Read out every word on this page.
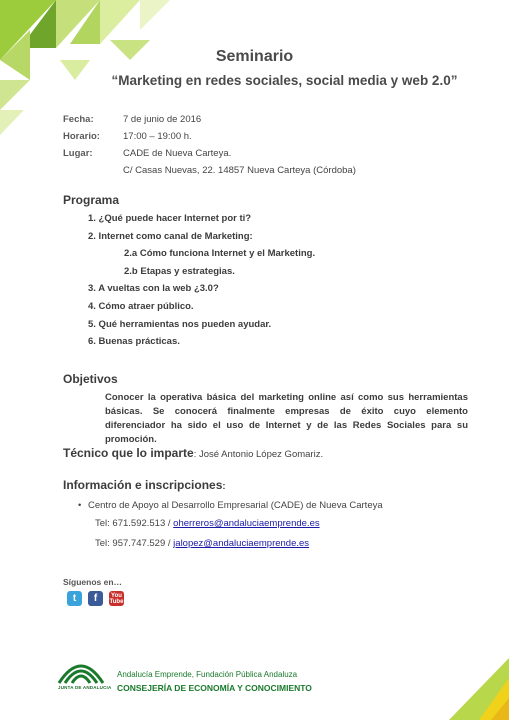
Seminario
“Marketing en redes sociales, social media y web 2.0”
Fecha:	7 de junio de 2016
Horario: 17:00 – 19:00 h.
Lugar:	CADE de Nueva Carteya.
C/ Casas Nuevas, 22. 14857 Nueva Carteya (Córdoba)
Programa
1. ¿Qué puede hacer Internet por ti?
2. Internet como canal de Marketing:
2.a Cómo funciona Internet y el Marketing.
2.b Etapas y estrategias.
3. A vueltas con la web ¿3.0?
4. Cómo atraer público.
5. Qué herramientas nos pueden ayudar.
6. Buenas prácticas.
Objetivos

Conocer la operativa básica del marketing online así como sus herramientas básicas. Se conocerá finalmente empresas de éxito cuyo elemento diferenciador ha sido el uso de Internet y de las Redes Sociales para su promoción.

Técnico que lo imparte: José Antonio López Gomariz.
Información e inscripciones:
• Centro de Apoyo al Desarrollo Empresarial (CADE) de Nueva Carteya
Tel: 671.592.513 / oherreros@andaluciaemprende.es
Tel: 957.747.529 / jalopez@andaluciaemprende.es

Síguenos en…

t	f	You
Tube
JUNTA DE ANDALUCIA
Andalucía Emprende, Fundación Pública Andaluza
CONSEJERÍA DE ECONOMÍA Y CONOCIMIENTO
